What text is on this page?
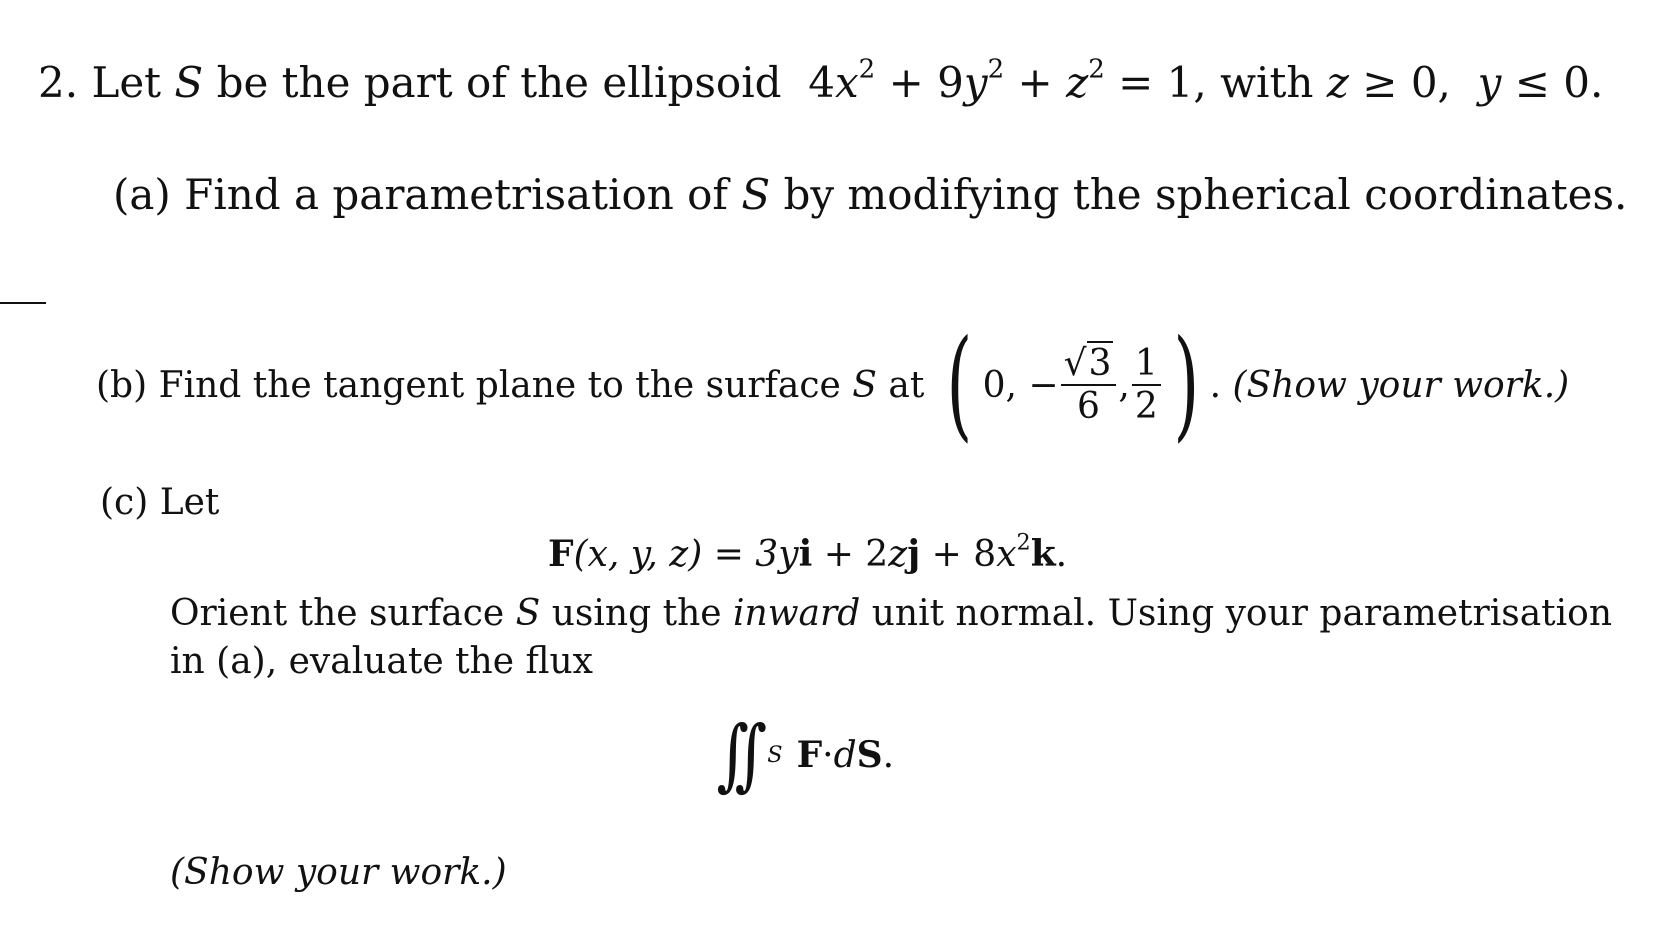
2. Let S be the part of the ellipsoid $4x^2 + 9y^2 + z^2 = 1$, with z ≥ 0, y ≤ 0.
(a) Find a parametrisation of S by modifying the spherical coordinates.
(b)
Find the tangent plane to the surface
S
at
( 0, − $\frac{√3}{6}$ , $\frac{1}{2}$ ) .
(Show your work.)
(c) Let
F(x, y, $z) = 3yi + 2zj + 8x^2k$.
Orient the surface S using the inward unit normal. Using your parametrisation
in (a), evaluate the flux
∫∫ S F · d S .
(Show your work.)
